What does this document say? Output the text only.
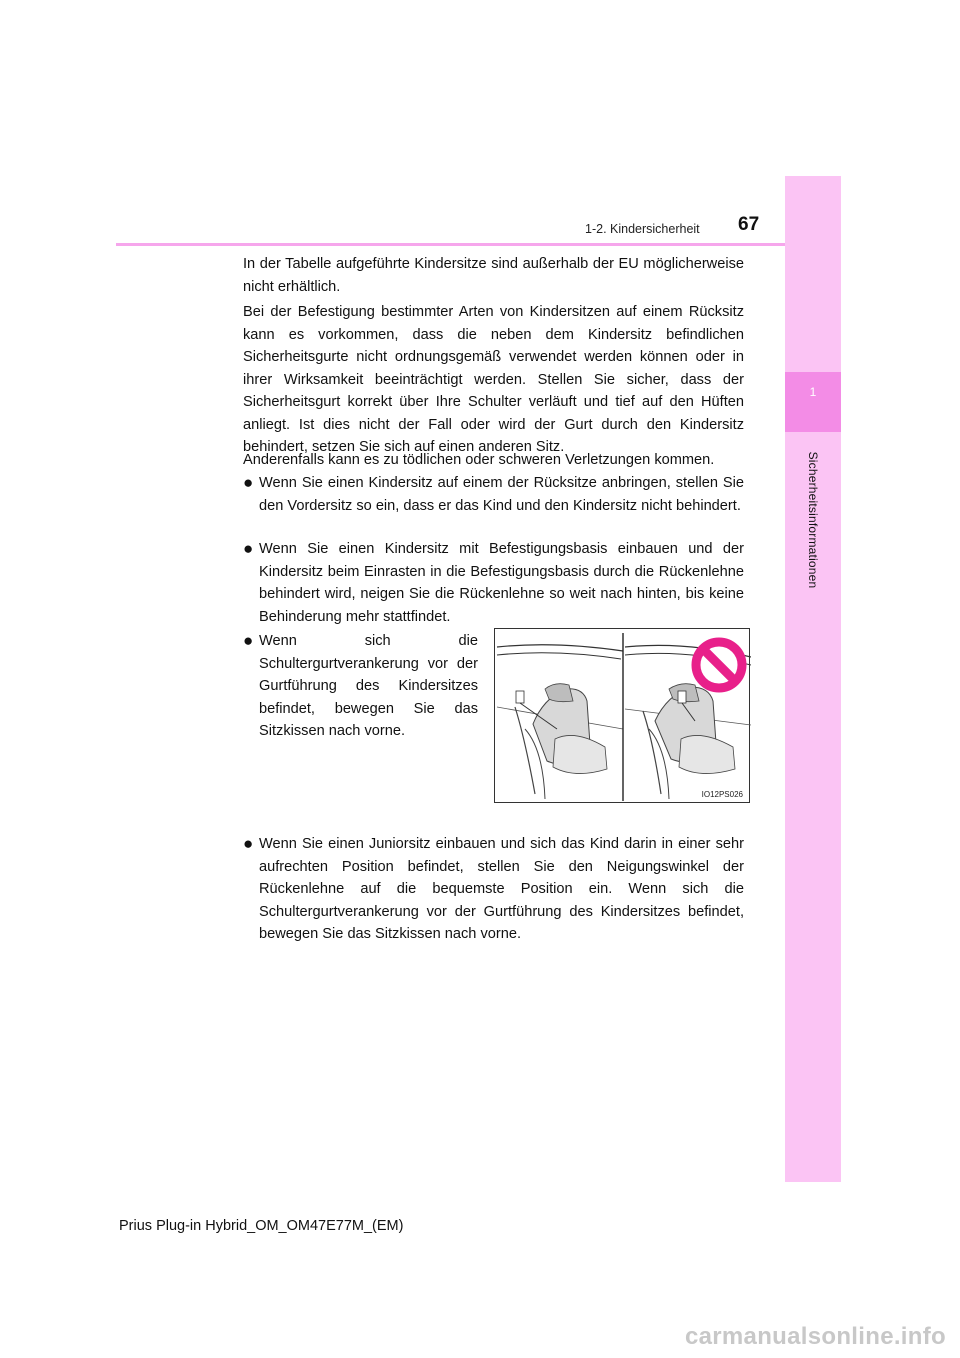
1
Sicherheitsinformationen
67
1-2. Kindersicherheit

In der Tabelle aufgeführte Kindersitze sind außerhalb der EU möglicherweise nicht erhältlich.

Bei der Befestigung bestimmter Arten von Kindersitzen auf einem Rücksitz kann es vorkommen, dass die neben dem Kindersitz befindlichen Sicherheitsgurte nicht ordnungsgemäß verwendet werden können oder in ihrer Wirksamkeit beeinträchtigt werden. Stellen Sie sicher, dass der Sicherheitsgurt korrekt über Ihre Schulter verläuft und tief auf den Hüften anliegt. Ist dies nicht der Fall oder wird der Gurt durch den Kindersitz behindert, setzen Sie sich auf einen anderen Sitz.

Anderenfalls kann es zu tödlichen oder schweren Verletzungen kommen.

● Wenn Sie einen Kindersitz auf einem der Rücksitze anbringen, stellen Sie den Vordersitz so ein, dass er das Kind und den Kindersitz nicht behindert.
● Wenn Sie einen Kindersitz mit Befestigungsbasis einbauen und der Kindersitz beim Einrasten in die Befestigungsbasis durch die Rückenlehne behindert wird, neigen Sie die Rückenlehne so weit nach hinten, bis keine Behinderung mehr stattfindet.
● Wenn sich die Schultergurtverankerung vor der Gurtführung des Kindersitzes befindet, bewegen Sie das Sitzkissen nach vorne.
IO12PS026
● Wenn Sie einen Juniorsitz einbauen und sich das Kind darin in einer sehr aufrechten Position befindet, stellen Sie den Neigungswinkel der Rückenlehne auf die bequemste Position ein. Wenn sich die Schultergurtverankerung vor der Gurtführung des Kindersitzes befindet, bewegen Sie das Sitzkissen nach vorne.
Prius Plug-in Hybrid_OM_OM47E77M_(EM)
carmanualsonline.info
